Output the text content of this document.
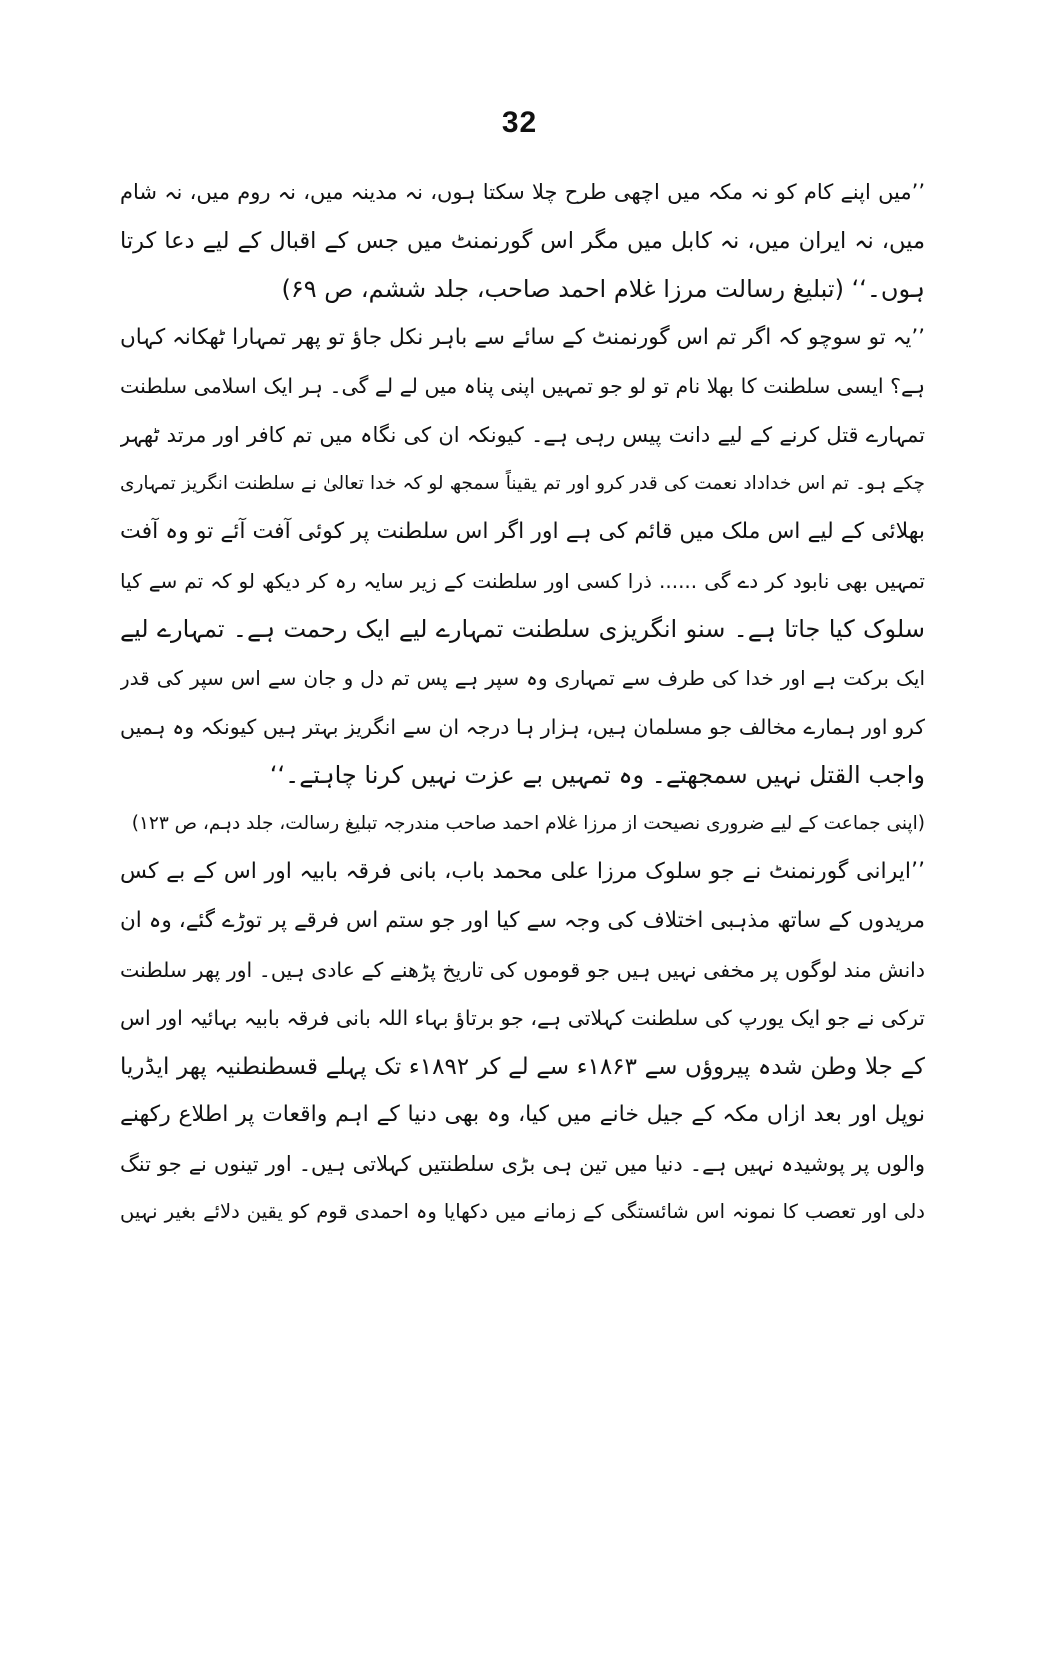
32
’’میں اپنے کام کو نہ مکہ میں اچھی طرح چلا سکتا ہوں، نہ مدینہ میں، نہ روم میں، نہ شام
میں، نہ ایران میں، نہ کابل میں مگر اس گورنمنٹ میں جس کے اقبال کے لیے دعا کرتا
ہوں۔‘‘ (تبلیغ رسالت مرزا غلام احمد صاحب، جلد ششم، ص ۶۹)
’’یہ تو سوچو کہ اگر تم اس گورنمنٹ کے سائے سے باہر نکل جاؤ تو پھر تمہارا ٹھکانہ کہاں
ہے؟ ایسی سلطنت کا بھلا نام تو لو جو تمہیں اپنی پناہ میں لے لے گی۔ ہر ایک اسلامی سلطنت
تمہارے قتل کرنے کے لیے دانت پیس رہی ہے۔ کیونکہ ان کی نگاہ میں تم کافر اور مرتد ٹھہر
چکے ہو۔ تم اس خداداد نعمت کی قدر کرو اور تم یقیناً سمجھ لو کہ خدا تعالیٰ نے سلطنت انگریز تمہاری
بھلائی کے لیے اس ملک میں قائم کی ہے اور اگر اس سلطنت پر کوئی آفت آئے تو وہ آفت
تمہیں بھی نابود کر دے گی ...... ذرا کسی اور سلطنت کے زیر سایہ رہ کر دیکھ لو کہ تم سے کیا
سلوک کیا جاتا ہے۔ سنو انگریزی سلطنت تمہارے لیے ایک رحمت ہے۔ تمہارے لیے
ایک برکت ہے اور خدا کی طرف سے تمہاری وہ سپر ہے پس تم دل و جان سے اس سپر کی قدر
کرو اور ہمارے مخالف جو مسلمان ہیں، ہزار ہا درجہ ان سے انگریز بہتر ہیں کیونکہ وہ ہمیں
واجب القتل نہیں سمجھتے۔ وہ تمہیں بے عزت نہیں کرنا چاہتے۔‘‘
(اپنی جماعت کے لیے ضروری نصیحت از مرزا غلام احمد صاحب مندرجہ تبلیغ رسالت، جلد دہم، ص ۱۲۳)
’’ایرانی گورنمنٹ نے جو سلوک مرزا علی محمد باب، بانی فرقہ بابیہ اور اس کے بے کس
مریدوں کے ساتھ مذہبی اختلاف کی وجہ سے کیا اور جو ستم اس فرقے پر توڑے گئے، وہ ان
دانش مند لوگوں پر مخفی نہیں ہیں جو قوموں کی تاریخ پڑھنے کے عادی ہیں۔ اور پھر سلطنت
ترکی نے جو ایک یورپ کی سلطنت کہلاتی ہے، جو برتاؤ بہاء اللہ بانی فرقہ بابیہ بہائیہ اور اس
کے جلا وطن شدہ پیروؤں سے ۱۸۶۳ء سے لے کر ۱۸۹۲ء تک پہلے قسطنطنیہ پھر ایڈریا
نوپل اور بعد ازاں مکہ کے جیل خانے میں کیا، وہ بھی دنیا کے اہم واقعات پر اطلاع رکھنے
والوں پر پوشیدہ نہیں ہے۔ دنیا میں تین ہی بڑی سلطنتیں کہلاتی ہیں۔ اور تینوں نے جو تنگ
دلی اور تعصب کا نمونہ اس شائستگی کے زمانے میں دکھایا وہ احمدی قوم کو یقین دلائے بغیر نہیں
